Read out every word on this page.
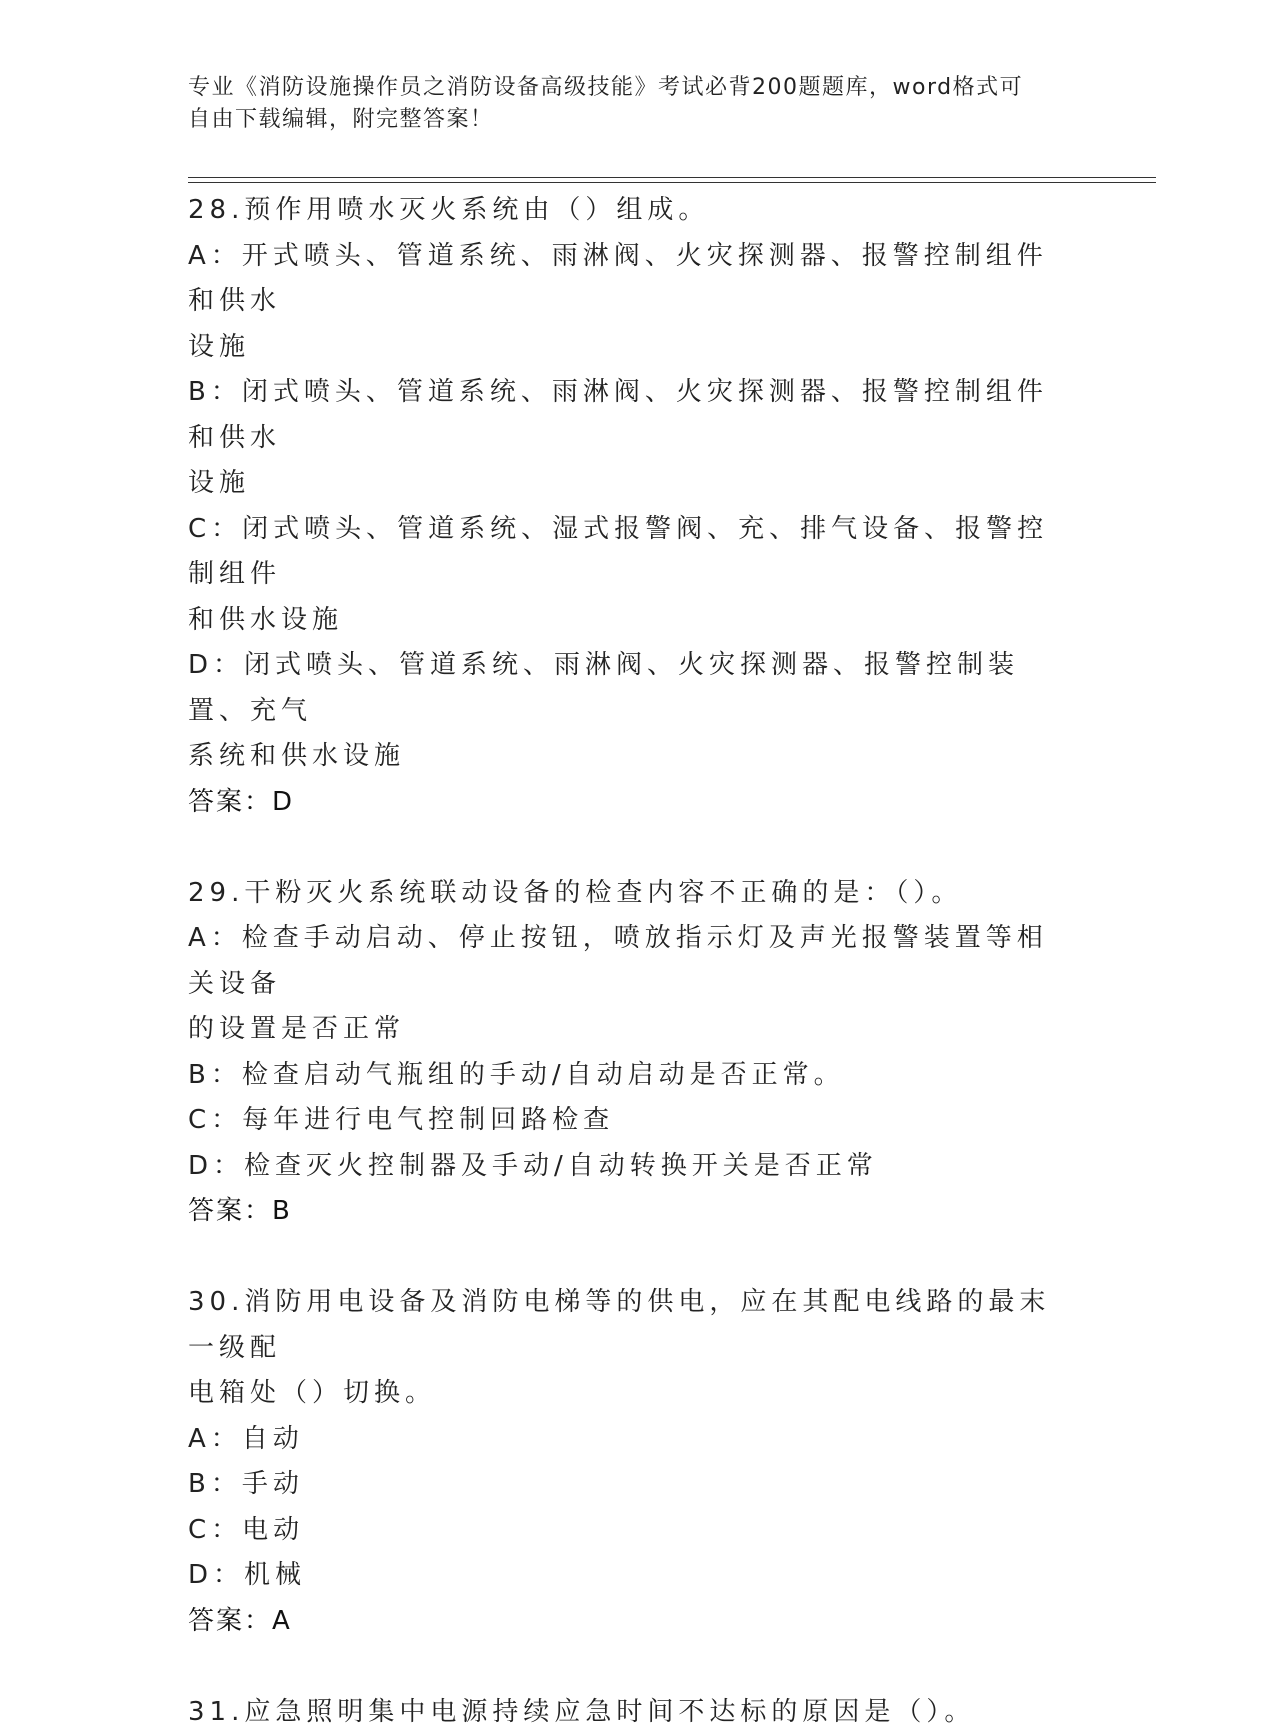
专业《消防设施操作员之消防设备高级技能》考试必背200题题库，word格式可
自由下载编辑，附完整答案！
28.预作用喷水灭火系统由（）组成。
A：开式喷头、管道系统、雨淋阀、火灾探测器、报警控制组件和供水
设施
B：闭式喷头、管道系统、雨淋阀、火灾探测器、报警控制组件和供水
设施
C：闭式喷头、管道系统、湿式报警阀、充、排气设备、报警控制组件
和供水设施
D：闭式喷头、管道系统、雨淋阀、火灾探测器、报警控制装置、充气
系统和供水设施
答案：D
29.干粉灭火系统联动设备的检查内容不正确的是：（）。
A：检查手动启动、停止按钮，喷放指示灯及声光报警装置等相关设备
的设置是否正常
B：检查启动气瓶组的手动/自动启动是否正常。
C：每年进行电气控制回路检查
D：检查灭火控制器及手动/自动转换开关是否正常
答案：B
30.消防用电设备及消防电梯等的供电，应在其配电线路的最末一级配
电箱处（）切换。
A：自动
B：手动
C：电动
D：机械
答案：A
31.应急照明集中电源持续应急时间不达标的原因是（）。
